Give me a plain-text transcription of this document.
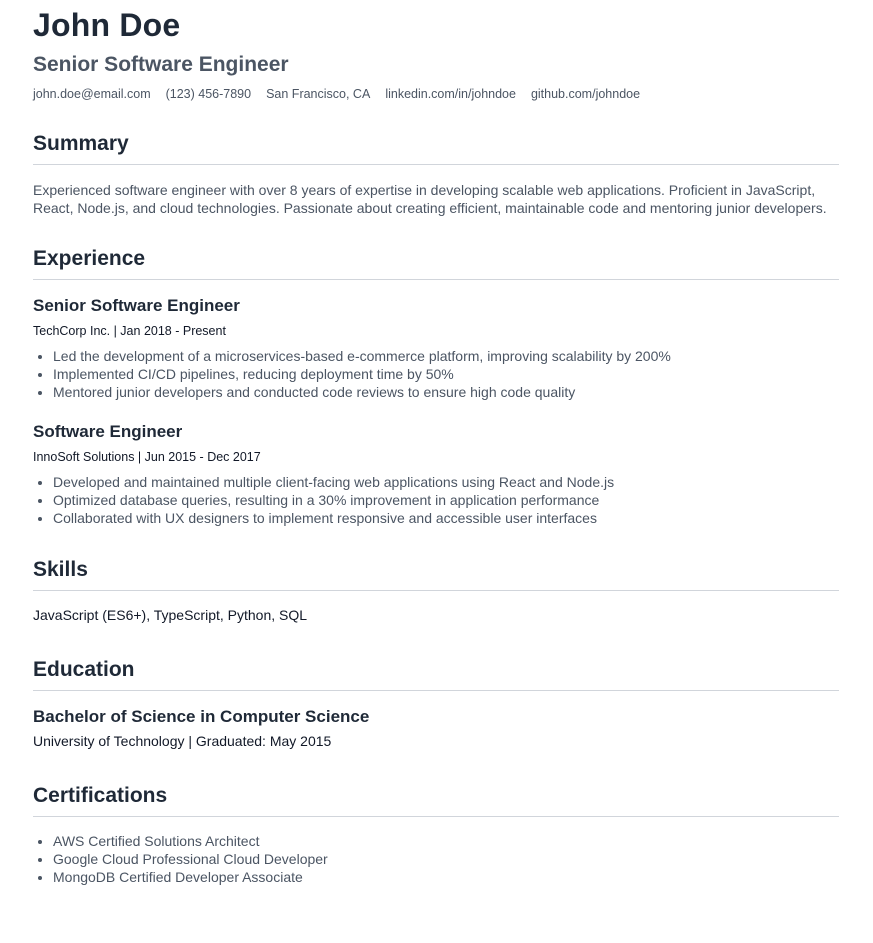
John Doe
Senior Software Engineer
john.doe@email.com (123) 456-7890 San Francisco, CA linkedin.com/in/johndoe github.com/johndoe
Summary

Experienced software engineer with over 8 years of expertise in developing scalable web applications. Proficient in JavaScript, React, Node.js, and cloud technologies. Passionate about creating efficient, maintainable code and mentoring junior developers.

Experience
Senior Software Engineer
TechCorp Inc. | Jan 2018 - Present
• Led the development of a microservices-based e-commerce platform, improving scalability by 200%
• Implemented CI/CD pipelines, reducing deployment time by 50%
• Mentored junior developers and conducted code reviews to ensure high code quality
Software Engineer
InnoSoft Solutions | Jun 2015 - Dec 2017
• Developed and maintained multiple client-facing web applications using React and Node.js
• Optimized database queries, resulting in a 30% improvement in application performance
• Collaborated with UX designers to implement responsive and accessible user interfaces
Skills
JavaScript (ES6+), TypeScript, Python, SQL
Education
Bachelor of Science in Computer Science
University of Technology | Graduated: May 2015
Certifications
• AWS Certified Solutions Architect
• Google Cloud Professional Cloud Developer
• MongoDB Certified Developer Associate
